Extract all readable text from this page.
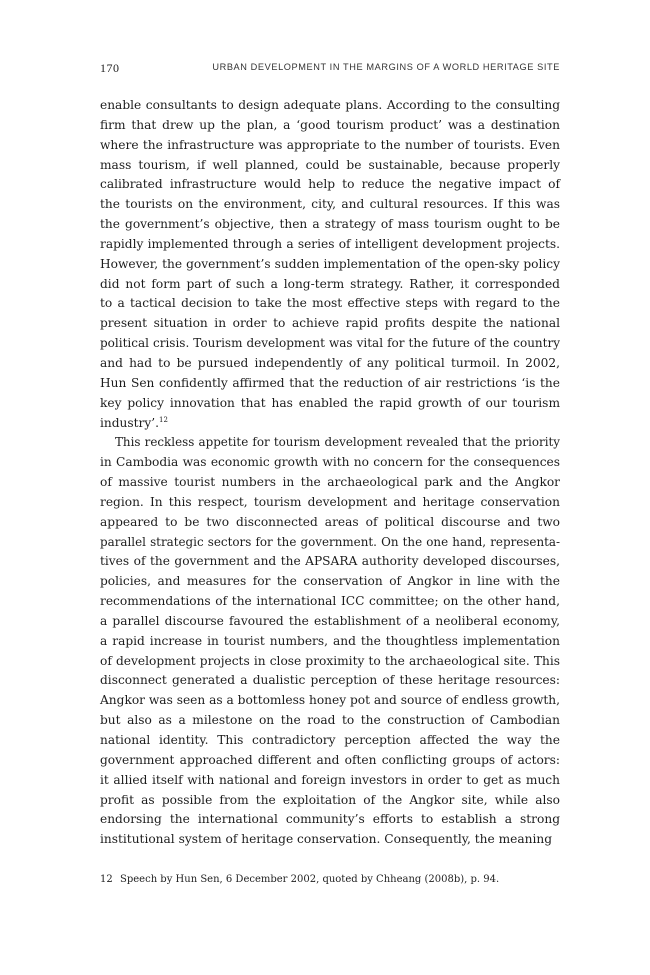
170	URBAN DEVELOPMENT IN THE MARGINS OF A WORLD HERITAGE SITE
enable consultants to design adequate plans. According to the consulting
firm that drew up the plan, a ‘good tourism product’ was a destination
where the infrastructure was appropriate to the number of tourists. Even
mass tourism, if well planned, could be sustainable, because properly
calibrated infrastructure would help to reduce the negative impact of
the tourists on the environment, city, and cultural resources. If this was
the government’s objective, then a strategy of mass tourism ought to be
rapidly implemented through a series of intelligent development projects.
However, the government’s sudden implementation of the open-sky policy
did not form part of such a long-term strategy. Rather, it corresponded
to a tactical decision to take the most effective steps with regard to the
present situation in order to achieve rapid profits despite the national
political crisis. Tourism development was vital for the future of the country
and had to be pursued independently of any political turmoil. In 2002,
Hun Sen confidently affirmed that the reduction of air restrictions ‘is the
key policy innovation that has enabled the rapid growth of our tourism
industry’.$^{12}$
This reckless appetite for tourism development revealed that the priority
in Cambodia was economic growth with no concern for the consequences
of massive tourist numbers in the archaeological park and the Angkor
region. In this respect, tourism development and heritage conservation
appeared to be two disconnected areas of political discourse and two
parallel strategic sectors for the government. On the one hand, representa-
tives of the government and the APSARA authority developed discourses,
policies, and measures for the conservation of Angkor in line with the
recommendations of the international ICC committee; on the other hand,
a parallel discourse favoured the establishment of a neoliberal economy,
a rapid increase in tourist numbers, and the thoughtless implementation
of development projects in close proximity to the archaeological site. This
disconnect generated a dualistic perception of these heritage resources:
Angkor was seen as a bottomless honey pot and source of endless growth,
but also as a milestone on the road to the construction of Cambodian
national identity. This contradictory perception affected the way the
government approached different and often conflicting groups of actors:
it allied itself with national and foreign investors in order to get as much
profit as possible from the exploitation of the Angkor site, while also
endorsing the international community’s efforts to establish a strong
institutional system of heritage conservation. Consequently, the meaning
12 Speech by Hun Sen, 6 December 2002, quoted by Chheang (2008b), p. 94.
